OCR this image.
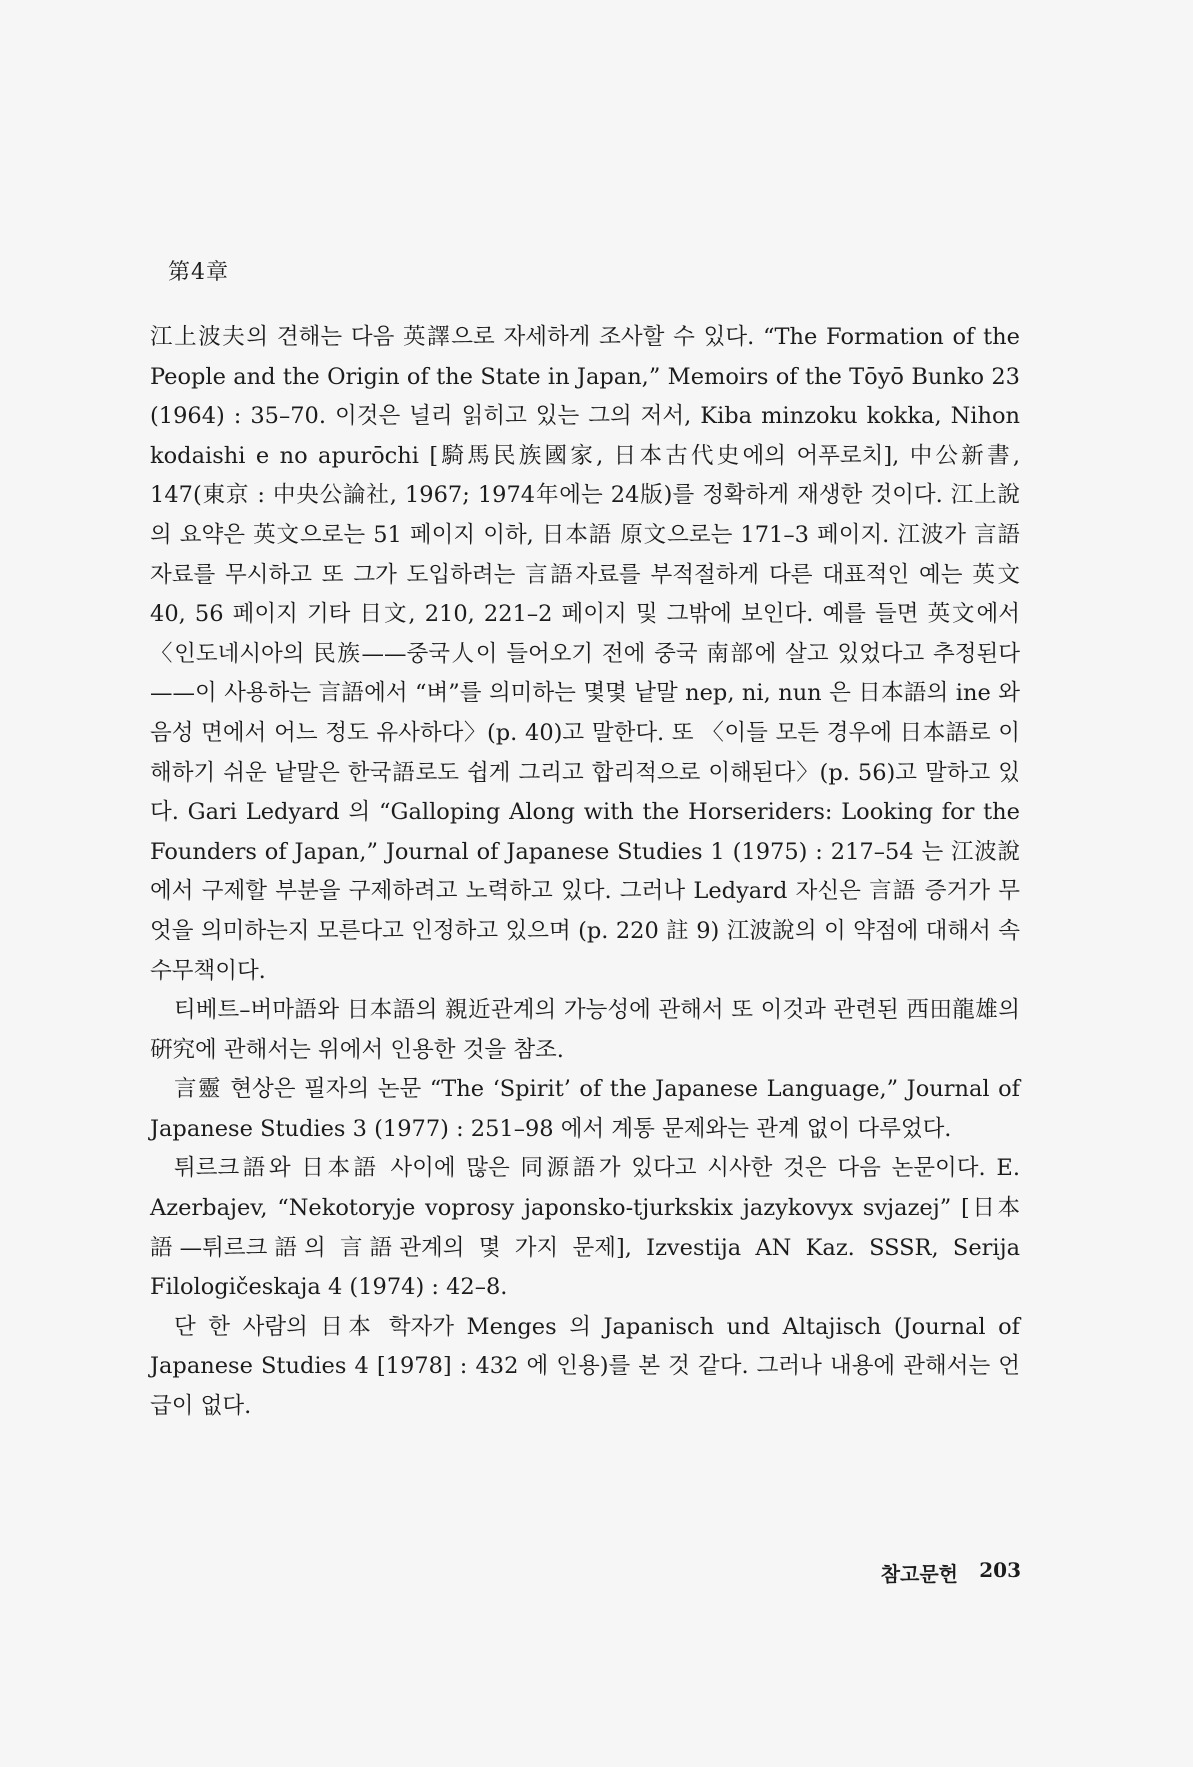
第4章

江上波夫의 견해는 다음 英譯으로 자세하게 조사할 수 있다. “The Formation of the People and the Origin of the State in Japan,” Memoirs of the Tōyō Bunko 23 (1964) : 35–70. 이것은 널리 읽히고 있는 그의 저서, Kiba minzoku kokka, Nihon kodaishi e no apurōchi [騎馬民族國家, 日本古代史에의 어푸로치], 中公新書, 147(東京 : 中央公論社, 1967; 1974年에는 24版)를 정확하게 재생한 것이다. 江上說의 요약은 英文으로는 51 페이지 이하, 日本語 原文으로는 171–3 페이지. 江波가 言語자료를 무시하고 또 그가 도입하려는 言語자료를 부적절하게 다른 대표적인 예는 英文 40, 56 페이지 기타 日文, 210, 221–2 페이지 및 그밖에 보인다. 예를 들면 英文에서 〈인도네시아의 民族——중국人이 들어오기 전에 중국 南部에 살고 있었다고 추정된다——이 사용하는 言語에서 “벼”를 의미하는 몇몇 낱말 nep, ni, nun 은 日本語의 ine 와 음성 면에서 어느 정도 유사하다〉(p. 40)고 말한다. 또 〈이들 모든 경우에 日本語로 이해하기 쉬운 낱말은 한국語로도 쉽게 그리고 합리적으로 이해된다〉(p. 56)고 말하고 있다. Gari Ledyard 의 “Galloping Along with the Horseriders: Looking for the Founders of Japan,” Journal of Japanese Studies 1 (1975) : 217–54 는 江波說에서 구제할 부분을 구제하려고 노력하고 있다. 그러나 Ledyard 자신은 言語 증거가 무엇을 의미하는지 모른다고 인정하고 있으며 (p. 220 註 9) 江波說의 이 약점에 대해서 속수무책이다.

티베트–버마語와 日本語의 親近관계의 가능성에 관해서 또 이것과 관련된 西田龍雄의 硏究에 관해서는 위에서 인용한 것을 참조.

言靈 현상은 필자의 논문 “The ‘Spirit’ of the Japanese Language,” Journal of Japanese Studies 3 (1977) : 251–98 에서 계통 문제와는 관계 없이 다루었다.

튀르크語와 日本語 사이에 많은 同源語가 있다고 시사한 것은 다음 논문이다. E. Azerbajev, “Nekotoryje voprosy japonsko-tjurkskix jazykovyx svjazej” [日本語—튀르크語의 言語관계의 몇 가지 문제], Izvestija AN Kaz. SSSR, Serija Filologičeskaja 4 (1974) : 42–8.

단 한 사람의 日本 학자가 Menges 의 Japanisch und Altajisch (Journal of Japanese Studies 4 [1978] : 432 에 인용)를 본 것 같다. 그러나 내용에 관해서는 언급이 없다.

참고문헌 203
